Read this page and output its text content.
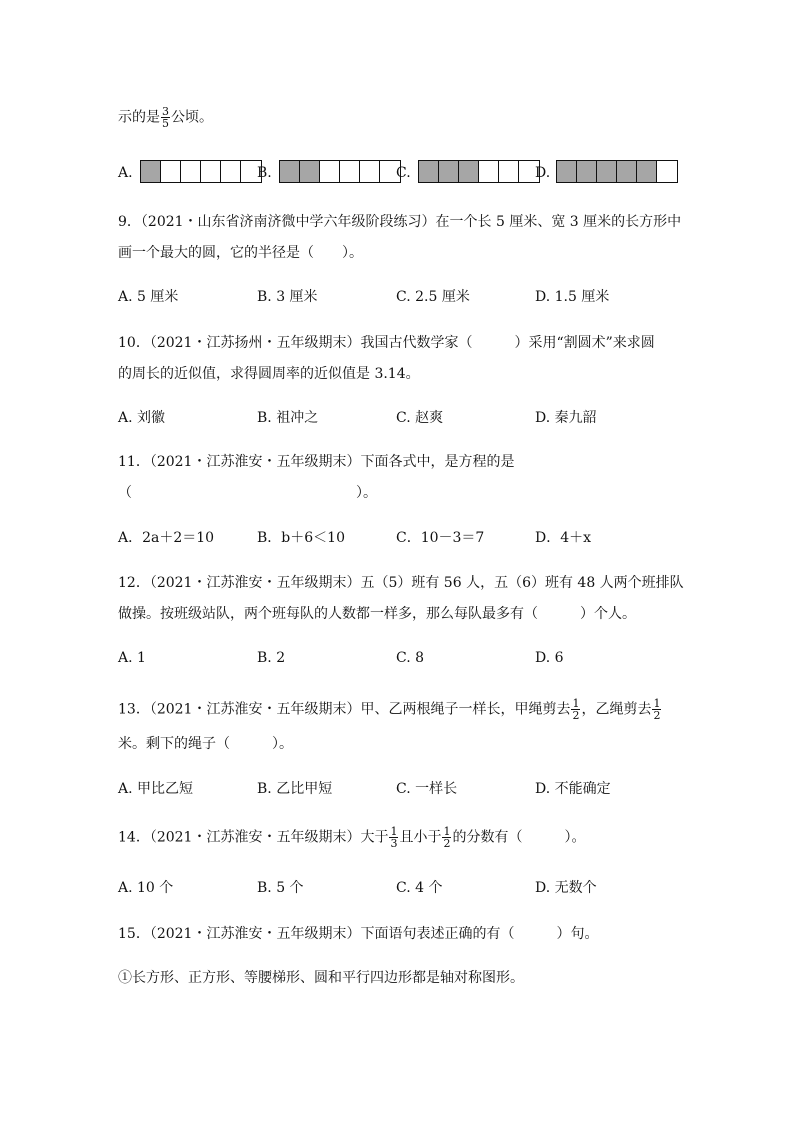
示的是 $\frac{3}{5}$ 公顷。
A.	B.	C.	D.
9．（2021・山东省济南济微中学六年级阶段练习）在一个长 5 厘米、宽 3 厘米的长方形中
画一个最大的圆，它的半径是（　　）。
A. 5 厘米	B. 3 厘米	C. 2.5 厘米	D. 1.5 厘米
10．（2021・江苏扬州・五年级期末）我国古代数学家（　　　）采用“割圆术”来求圆
的周长的近似值，求得圆周率的近似值是 3.14。
A. 刘徽	B. 祖冲之	C. 赵爽	D. 秦九韶
11．（2021・江苏淮安・五年级期末）下面各式中，是方程的是
（　　　　　　　　　　　　　　　　）。
A．2a＋2＝10	B．b＋6＜10	C．10－3＝7	D．4＋x
12．（2021・江苏淮安・五年级期末）五（5）班有 56 人，五（6）班有 48 人两个班排队
做操。按班级站队，两个班每队的人数都一样多，那么每队最多有（　　　）个人。
A. 1	B. 2	C. 8	D. 6
13．（2021・江苏淮安・五年级期末）甲、乙两根绳子一样长，甲绳剪去 $\frac{1}{2}$ ，乙绳剪去 $\frac{1}{2}$
米。剩下的绳子（　　　）。
A. 甲比乙短	B. 乙比甲短	C. 一样长	D. 不能确定
14．（2021・江苏淮安・五年级期末）大于 $\frac{1}{3}$ 且小于 $\frac{1}{2}$ 的分数有（　　　）。
A. 10 个	B. 5 个	C. 4 个	D. 无数个
15．（2021・江苏淮安・五年级期末）下面语句表述正确的有（　　　）句。
①长方形、正方形、等腰梯形、圆和平行四边形都是轴对称图形。
